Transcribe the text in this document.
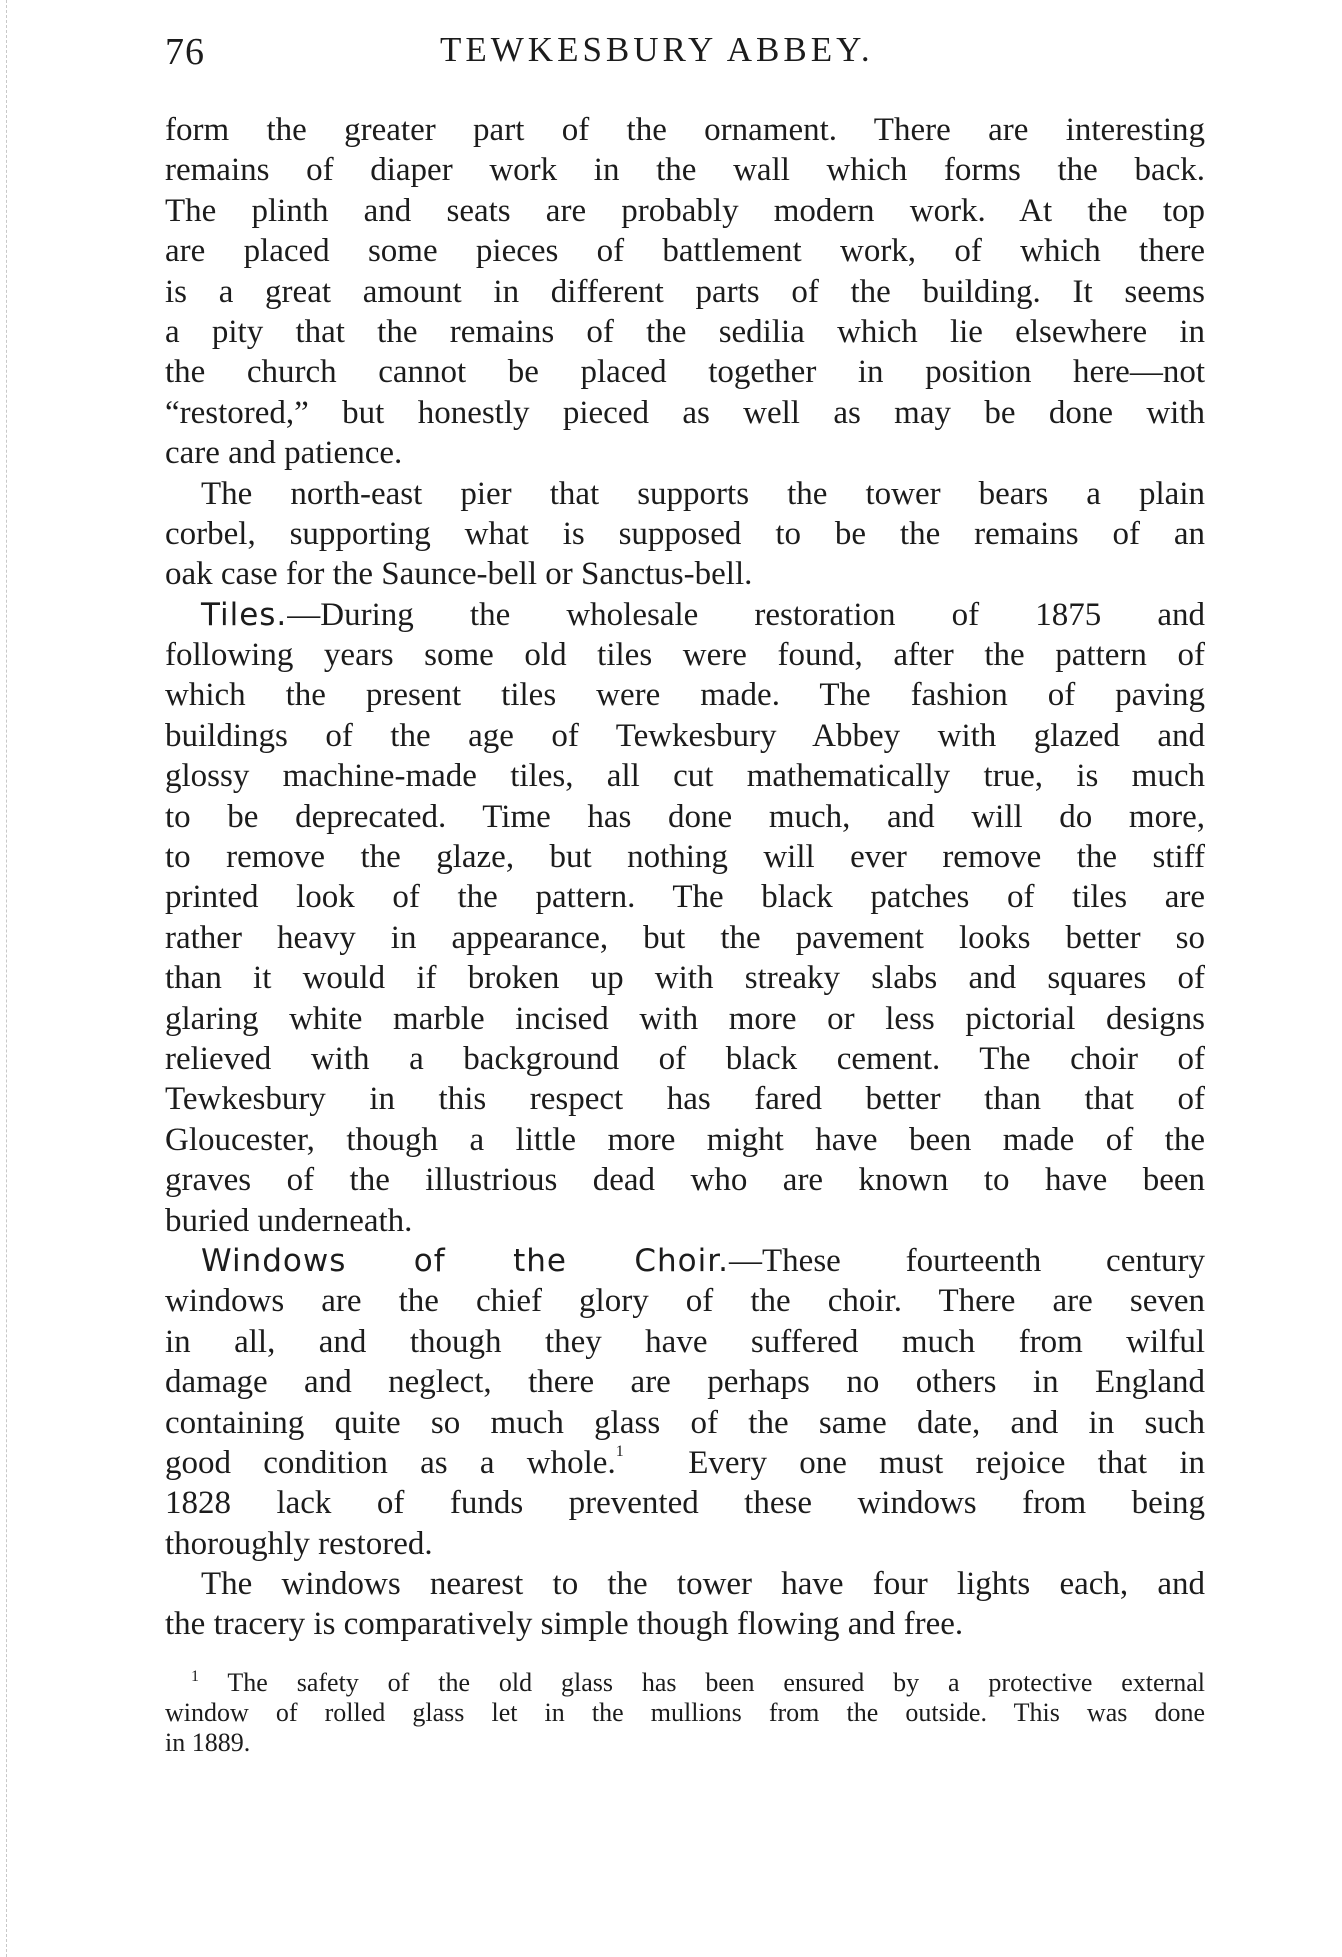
76	TEWKESBURY ABBEY.
form the greater part of the ornament. There are interesting
remains of diaper work in the wall which forms the back.
The plinth and seats are probably modern work. At the top
are placed some pieces of battlement work, of which there
is a great amount in different parts of the building. It seems
a pity that the remains of the sedilia which lie elsewhere in
the church cannot be placed together in position here—not
“restored,” but honestly pieced as well as may be done with
care and patience.
The north-east pier that supports the tower bears a plain
corbel, supporting what is supposed to be the remains of an
oak case for the Saunce-bell or Sanctus-bell.
Tiles.—During the wholesale restoration of 1875 and
following years some old tiles were found, after the pattern of
which the present tiles were made. The fashion of paving
buildings of the age of Tewkesbury Abbey with glazed and
glossy machine-made tiles, all cut mathematically true, is much
to be deprecated. Time has done much, and will do more,
to remove the glaze, but nothing will ever remove the stiff
printed look of the pattern. The black patches of tiles are
rather heavy in appearance, but the pavement looks better so
than it would if broken up with streaky slabs and squares of
glaring white marble incised with more or less pictorial designs
relieved with a background of black cement. The choir of
Tewkesbury in this respect has fared better than that of
Gloucester, though a little more might have been made of the
graves of the illustrious dead who are known to have been
buried underneath.
Windows of the Choir.—These fourteenth century
windows are the chief glory of the choir. There are seven
in all, and though they have suffered much from wilful
damage and neglect, there are perhaps no others in England
containing quite so much glass of the same date, and in such
good condition as a whole.$^1$  Every one must rejoice that in
1828 lack of funds prevented these windows from being
thoroughly restored.
The windows nearest to the tower have four lights each, and
the tracery is comparatively simple though flowing and free.
$^1$ The safety of the old glass has been ensured by a protective external
window of rolled glass let in the mullions from the outside. This was done
in 1889.
